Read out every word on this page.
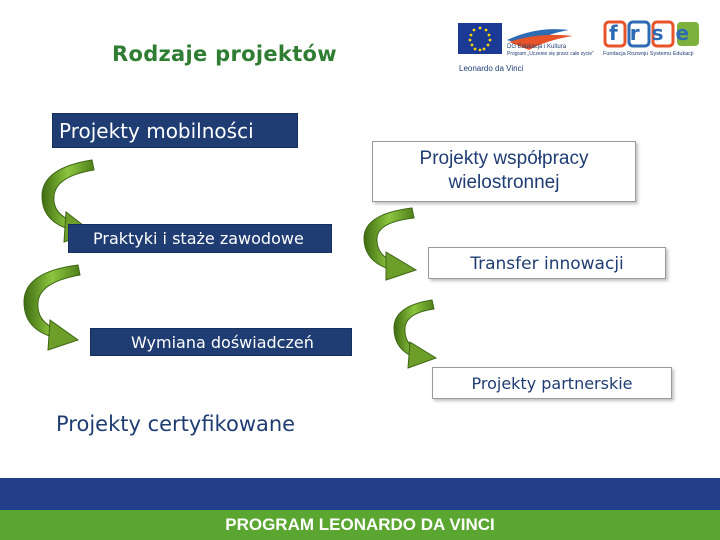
Rodzaje projektów	DG Edukacja i Kultura
Program „Uczenie się przez całe życie”
Leonardo da Vinci
frse
Fundacja Rozwoju Systemu Edukacji
Projekty mobilności
Praktyki i staże zawodowe
Wymiana doświadczeń
Projekty certyfikowane
Projekty współpracy wielostronnej
Transfer innowacji
Projekty partnerskie
PROGRAM LEONARDO DA VINCI
